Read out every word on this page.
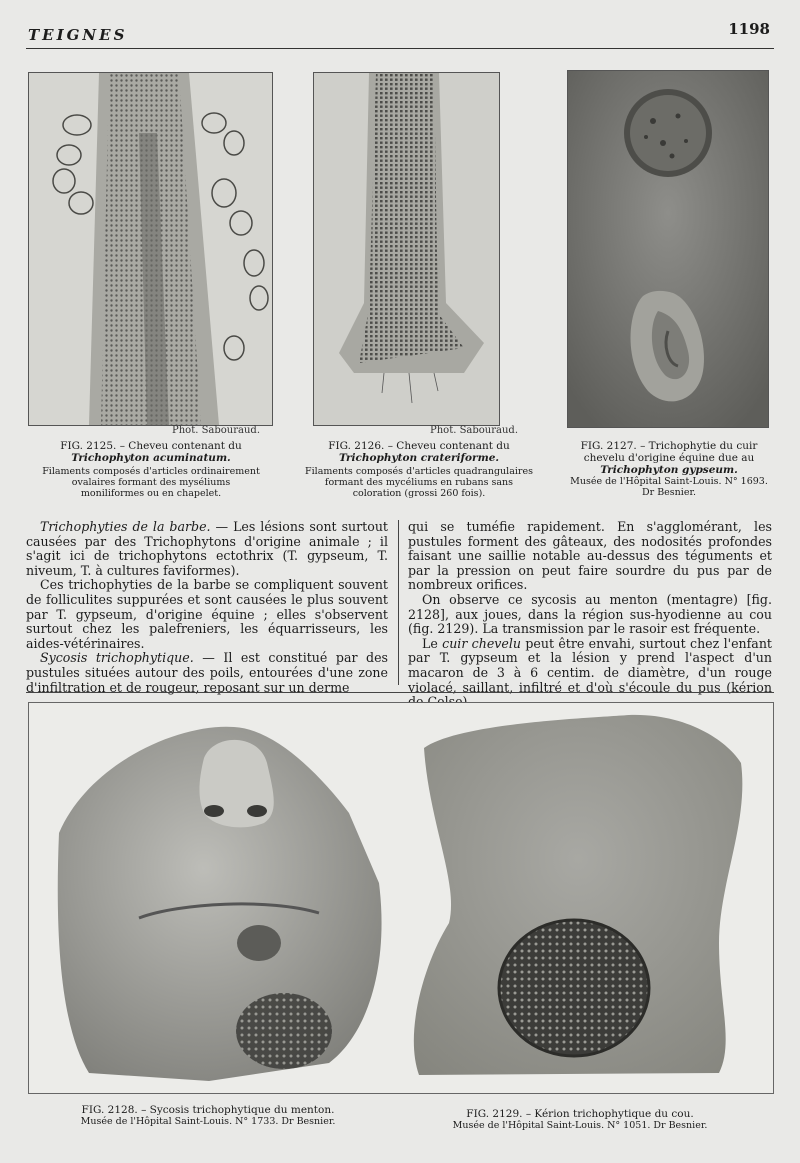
TEIGNES	1198
Phot. Sabouraud.
FIG. 2125. – Cheveu contenant du
Trichophyton acuminatum.
Filaments composés d'articles ordinairement ovalaires formant des myséliums moniliformes ou en chapelet.
Phot. Sabouraud.
FIG. 2126. – Cheveu contenant du
Trichophyton crateriforme.
Filaments composés d'articles quadrangulaires formant des mycéliums en rubans sans coloration (grossi 260 fois).
FIG. 2127. – Trichophytie du cuir chevelu d'origine équine due au
Trichophyton gypseum.
Musée de l'Hôpital Saint-Louis. N° 1693.
Dr Besnier.

Trichophyties de la barbe. — Les lésions sont surtout causées par des Trichophytons d'origine animale ; il s'agit ici de trichophytons ectothrix (T. gypseum, T. niveum, T. à cultures faviformes).

Ces trichophyties de la barbe se compliquent souvent de folliculites suppurées et sont causées le plus souvent par T. gypseum, d'origine équine ; elles s'observent surtout chez les palefreniers, les équarrisseurs, les aides-vétérinaires.

Sycosis trichophytique. — Il est constitué par des pustules situées autour des poils, entourées d'une zone d'infiltration et de rougeur, reposant sur un derme

qui se tuméfie rapidement. En s'agglomérant, les pustules forment des gâteaux, des nodosités profondes faisant une saillie notable au-dessus des téguments et par la pression on peut faire sourdre du pus par de nombreux orifices.

On observe ce sycosis au menton (mentagre) [fig. 2128], aux joues, dans la région sus-hyodienne au cou (fig. 2129). La transmission par le rasoir est fréquente.

Le cuir chevelu peut être envahi, surtout chez l'enfant par T. gypseum et la lésion y prend l'aspect d'un macaron de 3 à 6 centim. de diamètre, d'un rouge violacé, saillant, infiltré et d'où s'écoule du pus (kérion

FIG. 2128. – Sycosis trichophytique du menton.
Musée de l'Hôpital Saint-Louis. N° 1733. Dr Besnier.
FIG. 2129. – Kérion trichophytique du cou.
Musée de l'Hôpital Saint-Louis. N° 1051. Dr Besnier.
